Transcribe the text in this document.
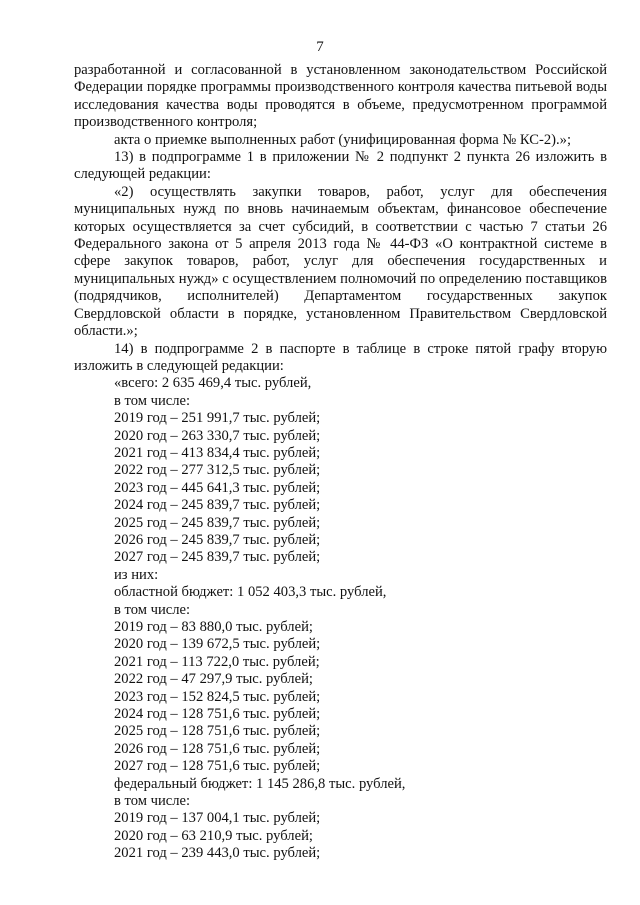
7

разработанной и согласованной в установленном законодательством Российской Федерации порядке программы производственного контроля качества питьевой воды исследования качества воды проводятся в объеме, предусмотренном программой производственного контроля;

акта о приемке выполненных работ (унифицированная форма № КС-2).»;

13) в подпрограмме 1 в приложении № 2 подпункт 2 пункта 26 изложить в следующей редакции:

«2) осуществлять закупки товаров, работ, услуг для обеспечения муниципальных нужд по вновь начинаемым объектам, финансовое обеспечение которых осуществляется за счет субсидий, в соответствии с частью 7 статьи 26 Федерального закона от 5 апреля 2013 года № 44-ФЗ «О контрактной системе в сфере закупок товаров, работ, услуг для обеспечения государственных и муниципальных нужд» с осуществлением полномочий по определению поставщиков (подрядчиков, исполнителей) Департаментом государственных закупок Свердловской области в порядке, установленном Правительством Свердловской области.»;

14) в подпрограмме 2 в паспорте в таблице в строке пятой графу вторую изложить в следующей редакции:

«всего: 2 635 469,4 тыс. рублей,
в том числе:
2019 год – 251 991,7 тыс. рублей;
2020 год – 263 330,7 тыс. рублей;
2021 год – 413 834,4 тыс. рублей;
2022 год – 277 312,5 тыс. рублей;
2023 год – 445 641,3 тыс. рублей;
2024 год – 245 839,7 тыс. рублей;
2025 год – 245 839,7 тыс. рублей;
2026 год – 245 839,7 тыс. рублей;
2027 год – 245 839,7 тыс. рублей;
из них:
областной бюджет: 1 052 403,3 тыс. рублей,
в том числе:
2019 год – 83 880,0 тыс. рублей;
2020 год – 139 672,5 тыс. рублей;
2021 год – 113 722,0 тыс. рублей;
2022 год – 47 297,9 тыс. рублей;
2023 год – 152 824,5 тыс. рублей;
2024 год – 128 751,6 тыс. рублей;
2025 год – 128 751,6 тыс. рублей;
2026 год – 128 751,6 тыс. рублей;
2027 год – 128 751,6 тыс. рублей;
федеральный бюджет: 1 145 286,8 тыс. рублей,
в том числе:
2019 год – 137 004,1 тыс. рублей;
2020 год – 63 210,9 тыс. рублей;
2021 год – 239 443,0 тыс. рублей;
